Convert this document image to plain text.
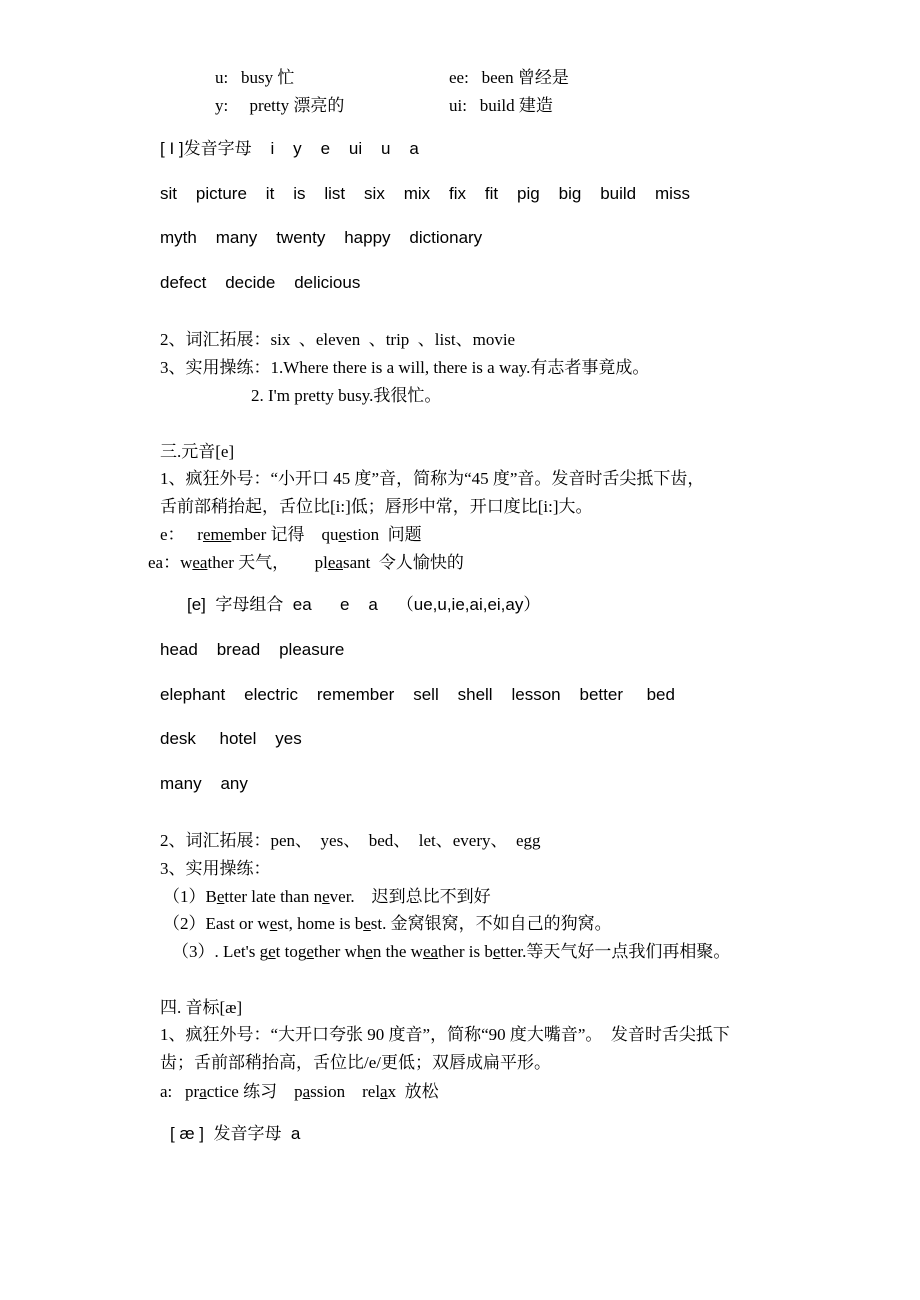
u:   busy 忙	ee:   been 曾经是
y:     pretty 漂亮的	ui:   build 建造
[ I ]发音字母    i    y    e    ui    u    a
sit    picture    it    is    list    six    mix    fix    fit    pig    big    build    miss
myth    many    twenty    happy    dictionary
defect    decide    delicious
2、词汇拓展：six  、eleven  、trip  、list、movie
3、实用操练：1.Where there is a will, there is a way.有志者事竟成。
2. I'm pretty busy.我很忙。
三.元音[e]
1、疯狂外号：“小开口 45 度”音，简称为“45 度”音。发音时舌尖抵下齿，
舌前部稍抬起，舌位比[i:]低；唇形中常，开口度比[i:]大。
e： remember 记得 question  问题
ea：weather 天气， pleasant  令人愉快的
[e]  字母组合  ea      e    a    （ue,u,ie,ai,ei,ay）
head    bread    pleasure
elephant    electric    remember    sell    shell    lesson    better     bed
desk     hotel    yes
many    any
2、词汇拓展：pen、  yes、  bed、  let、every、  egg
3、实用操练：
（1）Better late than never.    迟到总比不到好
（2）East or west, home is best. 金窝银窝，不如自己的狗窝。
（3）. Let's get together when the weather is better.等天气好一点我们再相聚。
四. 音标[æ]
1、疯狂外号：“大开口夸张 90 度音”，简称“90 度大嘴音”。  发音时舌尖抵下
齿；舌前部稍抬高，舌位比/e/更低；双唇成扁平形。
a:   practice 练习 passion relax  放松
[ æ ]  发音字母  a
